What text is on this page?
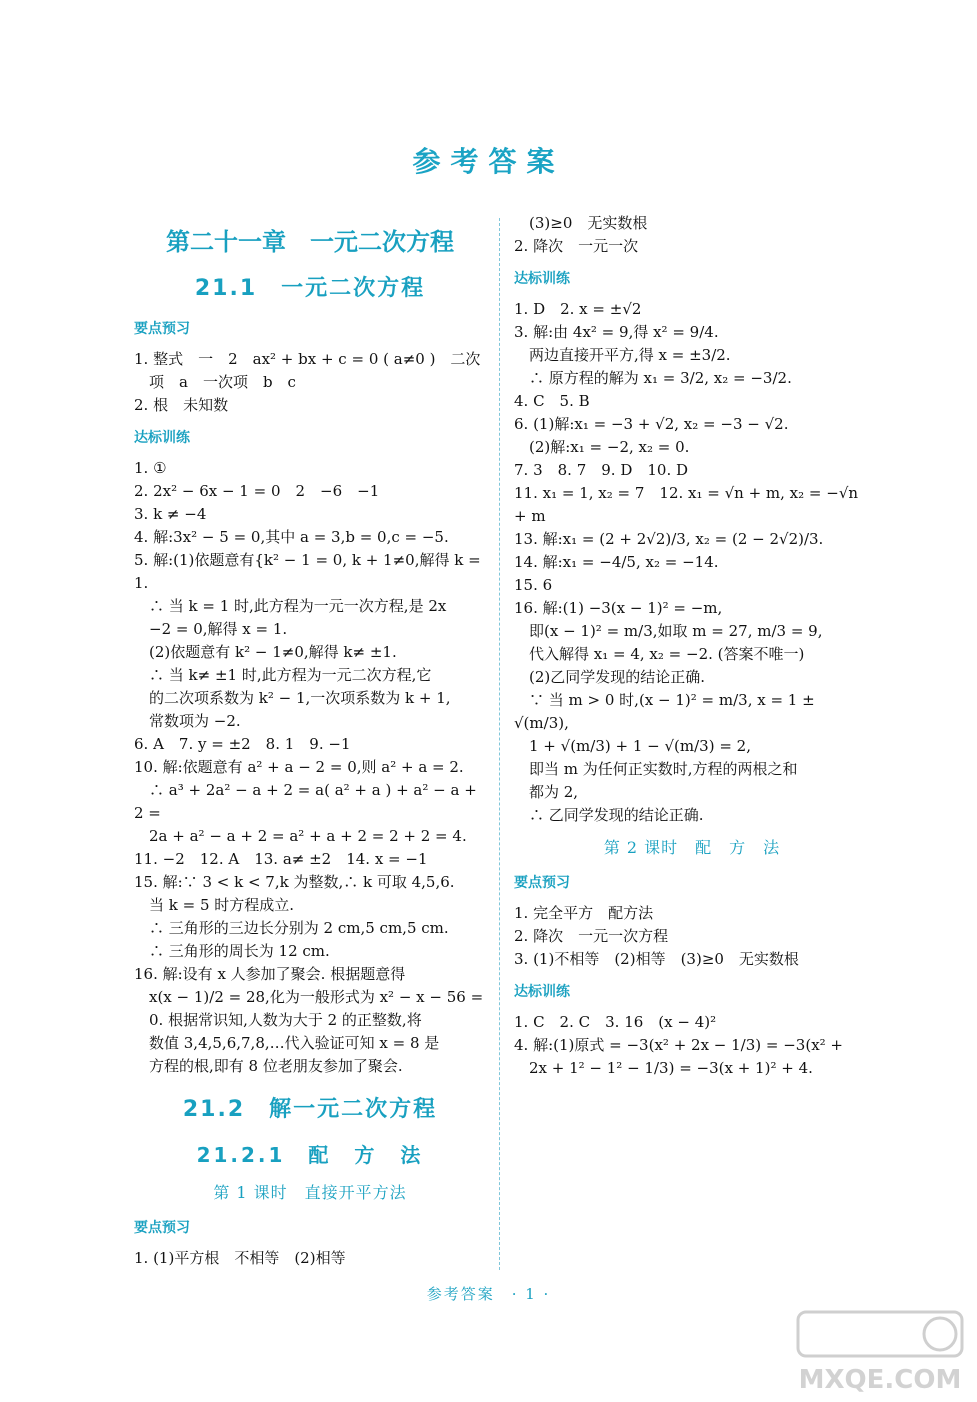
参考答案
第二十一章　一元二次方程
21.1　一元二次方程
要点预习
1. 整式　一　2　ax² + bx + c = 0 ( a≠0 )　二次
　项　a　一次项　b　c
2. 根　未知数
达标训练
1. ①
2. 2x² − 6x − 1 = 0　2　−6　−1
3. k ≠ −4
4. 解:3x² − 5 = 0,其中 a = 3,b = 0,c = −5.
5. 解:(1)依题意有{k² − 1 = 0, k + 1≠0,解得 k = 1.
　∴ 当 k = 1 时,此方程为一元一次方程,是 2x
　−2 = 0,解得 x = 1.
　(2)依题意有 k² − 1≠0,解得 k≠ ±1.
　∴ 当 k≠ ±1 时,此方程为一元二次方程,它
　的二次项系数为 k² − 1,一次项系数为 k + 1,
　常数项为 −2.
6. A　7. y = ±2　8. 1　9. −1
10. 解:依题意有 a² + a − 2 = 0,则 a² + a = 2.
　∴ a³ + 2a² − a + 2 = a( a² + a ) + a² − a + 2 =
　2a + a² − a + 2 = a² + a + 2 = 2 + 2 = 4.
11. −2　12. A　13. a≠ ±2　14. x = −1
15. 解:∵ 3 < k < 7,k 为整数,∴ k 可取 4,5,6.
　当 k = 5 时方程成立.
　∴ 三角形的三边长分别为 2 cm,5 cm,5 cm.
　∴ 三角形的周长为 12 cm.
16. 解:设有 x 人参加了聚会. 根据题意得
　x(x − 1)/2 = 28,化为一般形式为 x² − x − 56 =
　0. 根据常识知,人数为大于 2 的正整数,将
　数值 3,4,5,6,7,8,…代入验证可知 x = 8 是
　方程的根,即有 8 位老朋友参加了聚会.
21.2　解一元二次方程
21.2.1　配　方　法
第 1 课时　直接开平方法
要点预习
1. (1)平方根　不相等　(2)相等
　(3)≥0　无实数根
2. 降次　一元一次
达标训练
1. D　2. x = ±√2
3. 解:由 4x² = 9,得 x² = 9/4.
　两边直接开平方,得 x = ±3/2.
　∴ 原方程的解为 x₁ = 3/2, x₂ = −3/2.
4. C　5. B
6. (1)解:x₁ = −3 + √2, x₂ = −3 − √2.
　(2)解:x₁ = −2, x₂ = 0.
7. 3　8. 7　9. D　10. D
11. x₁ = 1, x₂ = 7　12. x₁ = √n + m, x₂ = −√n + m
13. 解:x₁ = (2 + 2√2)/3, x₂ = (2 − 2√2)/3.
14. 解:x₁ = −4/5, x₂ = −14.
15. 6
16. 解:(1) −3(x − 1)² = −m,
　即(x − 1)² = m/3,如取 m = 27, m/3 = 9,
　代入解得 x₁ = 4, x₂ = −2. (答案不唯一)
　(2)乙同学发现的结论正确.
　∵ 当 m > 0 时,(x − 1)² = m/3, x = 1 ± √(m/3),
　1 + √(m/3) + 1 − √(m/3) = 2,
　即当 m 为任何正实数时,方程的两根之和
　都为 2,
　∴ 乙同学发现的结论正确.
第 2 课时　配　方　法
要点预习
1. 完全平方　配方法
2. 降次　一元一次方程
3. (1)不相等　(2)相等　(3)≥0　无实数根
达标训练
1. C　2. C　3. 16　(x − 4)²
4. 解:(1)原式 = −3(x² + 2x − 1/3) = −3(x² +
　2x + 1² − 1² − 1/3) = −3(x + 1)² + 4.
参考答案　· 1 ·
MXQE.COM
